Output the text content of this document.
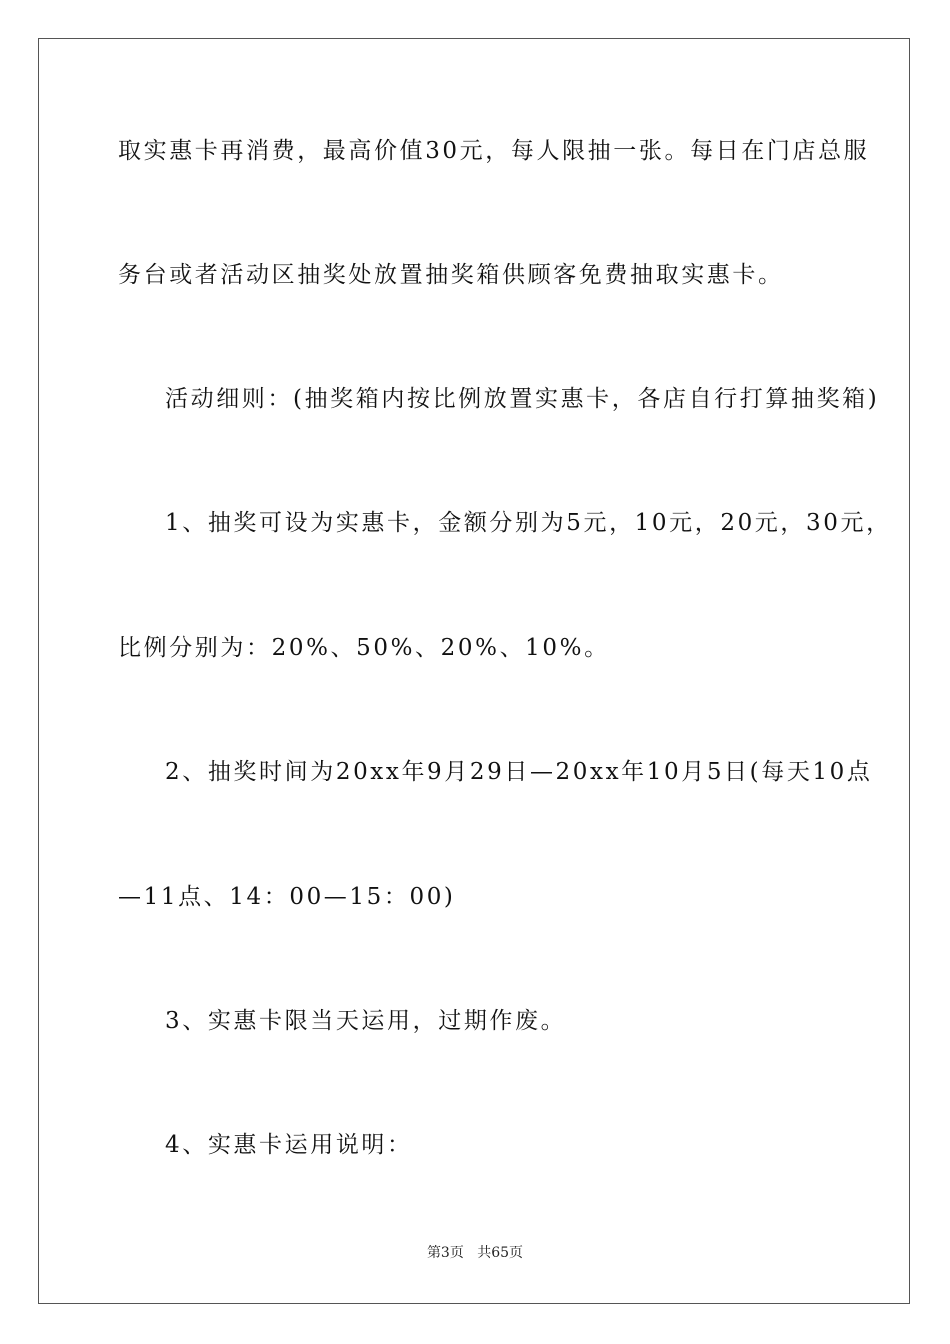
取实惠卡再消费，最高价值30元，每人限抽一张。每日在门店总服
务台或者活动区抽奖处放置抽奖箱供顾客免费抽取实惠卡。
活动细则：(抽奖箱内按比例放置实惠卡，各店自行打算抽奖箱)
1、抽奖可设为实惠卡，金额分别为5元，10元，20元，30元，
比例分别为：20%、50%、20%、10%。
2、抽奖时间为20xx年9月29日—20xx年10月5日(每天10点
—11点、14：00—15：00)
3、实惠卡限当天运用，过期作废。
4、实惠卡运用说明：
第3页 共65页
